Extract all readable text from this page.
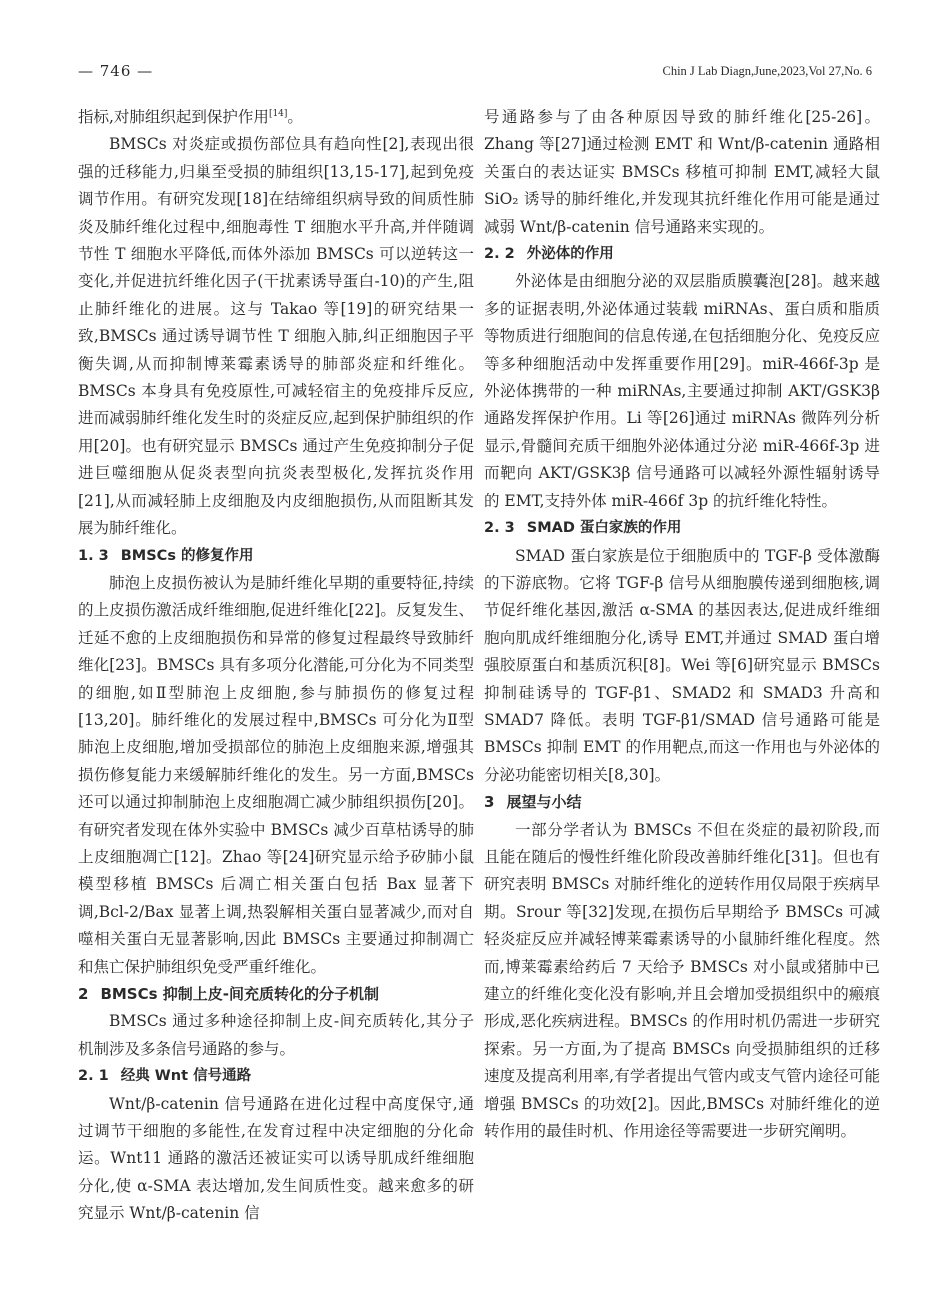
— 746 —	Chin J Lab Diagn,June,2023,Vol 27,No. 6

指标,对肺组织起到保护作用[14]。

BMSCs 对炎症或损伤部位具有趋向性[2],表现出很强的迁移能力,归巢至受损的肺组织[13,15-17],起到免疫调节作用。有研究发现[18]在结缔组织病导致的间质性肺炎及肺纤维化过程中,细胞毒性 T 细胞水平升高,并伴随调节性 T 细胞水平降低,而体外添加 BMSCs 可以逆转这一变化,并促进抗纤维化因子(干扰素诱导蛋白-10)的产生,阻止肺纤维化的进展。这与 Takao 等[19]的研究结果一致,BMSCs 通过诱导调节性 T 细胞入肺,纠正细胞因子平衡失调,从而抑制博莱霉素诱导的肺部炎症和纤维化。BMSCs 本身具有免疫原性,可减轻宿主的免疫排斥反应,进而减弱肺纤维化发生时的炎症反应,起到保护肺组织的作用[20]。也有研究显示 BMSCs 通过产生免疫抑制分子促进巨噬细胞从促炎表型向抗炎表型极化,发挥抗炎作用[21],从而减轻肺上皮细胞及内皮细胞损伤,从而阻断其发展为肺纤维化。

1. 3 BMSCs 的修复作用

肺泡上皮损伤被认为是肺纤维化早期的重要特征,持续的上皮损伤激活成纤维细胞,促进纤维化[22]。反复发生、迁延不愈的上皮细胞损伤和异常的修复过程最终导致肺纤维化[23]。BMSCs 具有多项分化潜能,可分化为不同类型的细胞,如Ⅱ型肺泡上皮细胞,参与肺损伤的修复过程[13,20]。肺纤维化的发展过程中,BMSCs 可分化为Ⅱ型肺泡上皮细胞,增加受损部位的肺泡上皮细胞来源,增强其损伤修复能力来缓解肺纤维化的发生。另一方面,BMSCs 还可以通过抑制肺泡上皮细胞凋亡减少肺组织损伤[20]。有研究者发现在体外实验中 BMSCs 减少百草枯诱导的肺上皮细胞凋亡[12]。Zhao 等[24]研究显示给予矽肺小鼠模型移植 BMSCs 后凋亡相关蛋白包括 Bax 显著下调,Bcl-2/Bax 显著上调,热裂解相关蛋白显著减少,而对自噬相关蛋白无显著影响,因此 BMSCs 主要通过抑制凋亡和焦亡保护肺组织免受严重纤维化。

2 BMSCs 抑制上皮-间充质转化的分子机制

BMSCs 通过多种途径抑制上皮-间充质转化,其分子机制涉及多条信号通路的参与。

2. 1 经典 Wnt 信号通路

Wnt/β-catenin 信号通路在进化过程中高度保守,通过调节干细胞的多能性,在发育过程中决定细胞的分化命运。Wnt11 通路的激活还被证实可以诱导肌成纤维细胞分化,使 α-SMA 表达增加,发生间质性变。越来愈多的研究显示 Wnt/β-catenin 信

号通路参与了由各种原因导致的肺纤维化[25-26]。Zhang 等[27]通过检测 EMT 和 Wnt/β-catenin 通路相关蛋白的表达证实 BMSCs 移植可抑制 EMT,减轻大鼠 SiO₂ 诱导的肺纤维化,并发现其抗纤维化作用可能是通过减弱 Wnt/β-catenin 信号通路来实现的。

2. 2 外泌体的作用

外泌体是由细胞分泌的双层脂质膜囊泡[28]。越来越多的证据表明,外泌体通过装载 miRNAs、蛋白质和脂质等物质进行细胞间的信息传递,在包括细胞分化、免疫反应等多种细胞活动中发挥重要作用[29]。miR-466f-3p 是外泌体携带的一种 miRNAs,主要通过抑制 AKT/GSK3β 通路发挥保护作用。Li 等[26]通过 miRNAs 微阵列分析显示,骨髓间充质干细胞外泌体通过分泌 miR-466f-3p 进而靶向 AKT/GSK3β 信号通路可以减轻外源性辐射诱导的 EMT,支持外体 miR-466f 3p 的抗纤维化特性。

2. 3 SMAD 蛋白家族的作用

SMAD 蛋白家族是位于细胞质中的 TGF-β 受体激酶的下游底物。它将 TGF-β 信号从细胞膜传递到细胞核,调节促纤维化基因,激活 α-SMA 的基因表达,促进成纤维细胞向肌成纤维细胞分化,诱导 EMT,并通过 SMAD 蛋白增强胶原蛋白和基质沉积[8]。Wei 等[6]研究显示 BMSCs 抑制硅诱导的 TGF-β1、SMAD2 和 SMAD3 升高和 SMAD7 降低。表明 TGF-β1/SMAD 信号通路可能是 BMSCs 抑制 EMT 的作用靶点,而这一作用也与外泌体的分泌功能密切相关[8,30]。

3 展望与小结

一部分学者认为 BMSCs 不但在炎症的最初阶段,而且能在随后的慢性纤维化阶段改善肺纤维化[31]。但也有研究表明 BMSCs 对肺纤维化的逆转作用仅局限于疾病早期。Srour 等[32]发现,在损伤后早期给予 BMSCs 可减轻炎症反应并减轻博莱霉素诱导的小鼠肺纤维化程度。然而,博莱霉素给药后 7 天给予 BMSCs 对小鼠或猪肺中已建立的纤维化变化没有影响,并且会增加受损组织中的瘢痕形成,恶化疾病进程。BMSCs 的作用时机仍需进一步研究探索。另一方面,为了提高 BMSCs 向受损肺组织的迁移速度及提高利用率,有学者提出气管内或支气管内途径可能增强 BMSCs 的功效[2]。因此,BMSCs 对肺纤维化的逆转作用的最佳时机、作用途径等需要进一步研究阐明。
